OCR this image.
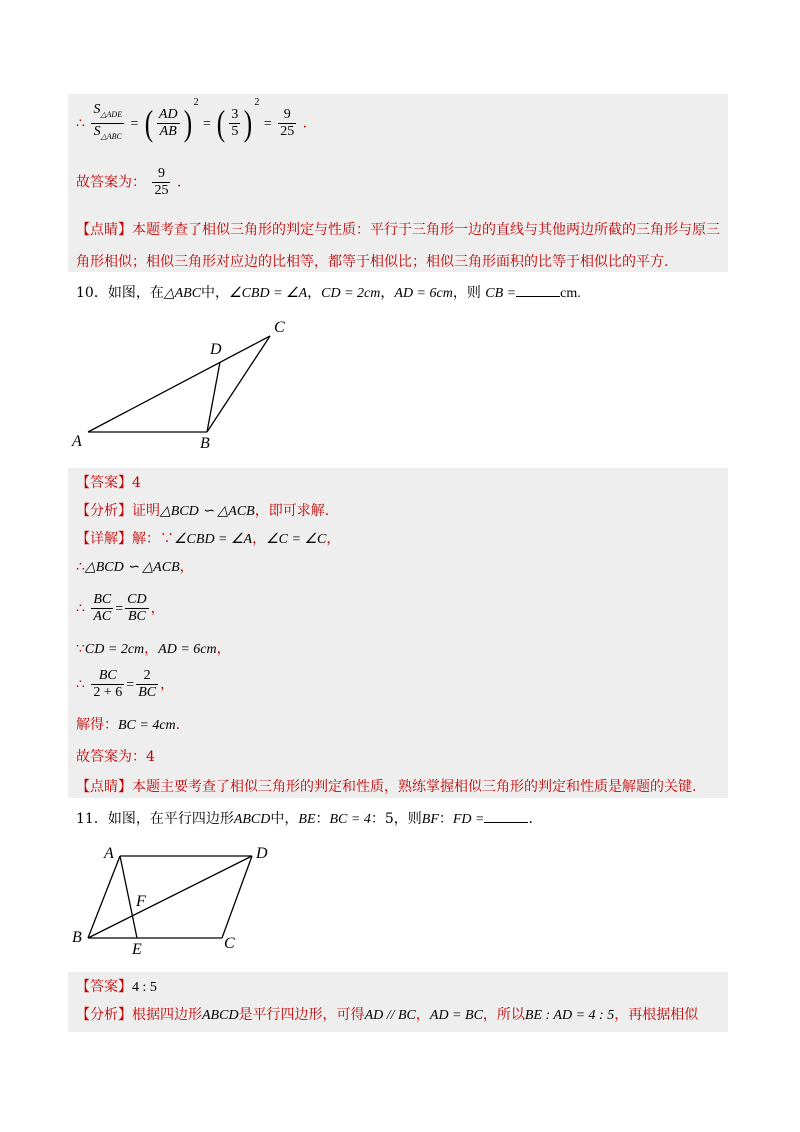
∴ $\frac{S_{\triangle ADE}}{S_{\triangle ABC}}$ = ( $\frac{AD}{AB} )^2$ = ( $\frac{3}{5} )^2 = \frac{9}{25}$ .
故答案为： $\frac{9}{25}$ .
【点睛】本题考查了相似三角形的判定与性质：平行于三角形一边的直线与其他两边所截的三角形与原三
角形相似；相似三角形对应边的比相等，都等于相似比；相似三角形面积的比等于相似比的平方.
10．如图，在△ABC中，∠CBD = ∠A，CD = 2cm，AD = 6cm，则 CB =	cm.
A	B
C
D
【答案】4
【分析】证明△BCD ∽ △ACB，即可求解.
【详解】解：∵∠CBD = ∠A，∠C = ∠C，
∴△BCD ∽ △ACB，
∴ $\frac{BC}{AC} = \frac{CD}{BC}$ ，
∵CD = 2cm，AD = 6cm，
∴ $\frac{BC}{2 + 6} = \frac{2}{BC}$ ，
解得：BC = 4cm.
故答案为：4
【点睛】本题主要考查了相似三角形的判定和性质，熟练掌握相似三角形的判定和性质是解题的关键.
11．如图，在平行四边形ABCD中，BE：BC = 4：5，则BF：FD =	.
A
B	C
D
E
F
【答案】4 : 5
【分析】根据四边形ABCD是平行四边形，可得AD // BC，AD = BC，所以BE : AD = 4 : 5，再根据相似
